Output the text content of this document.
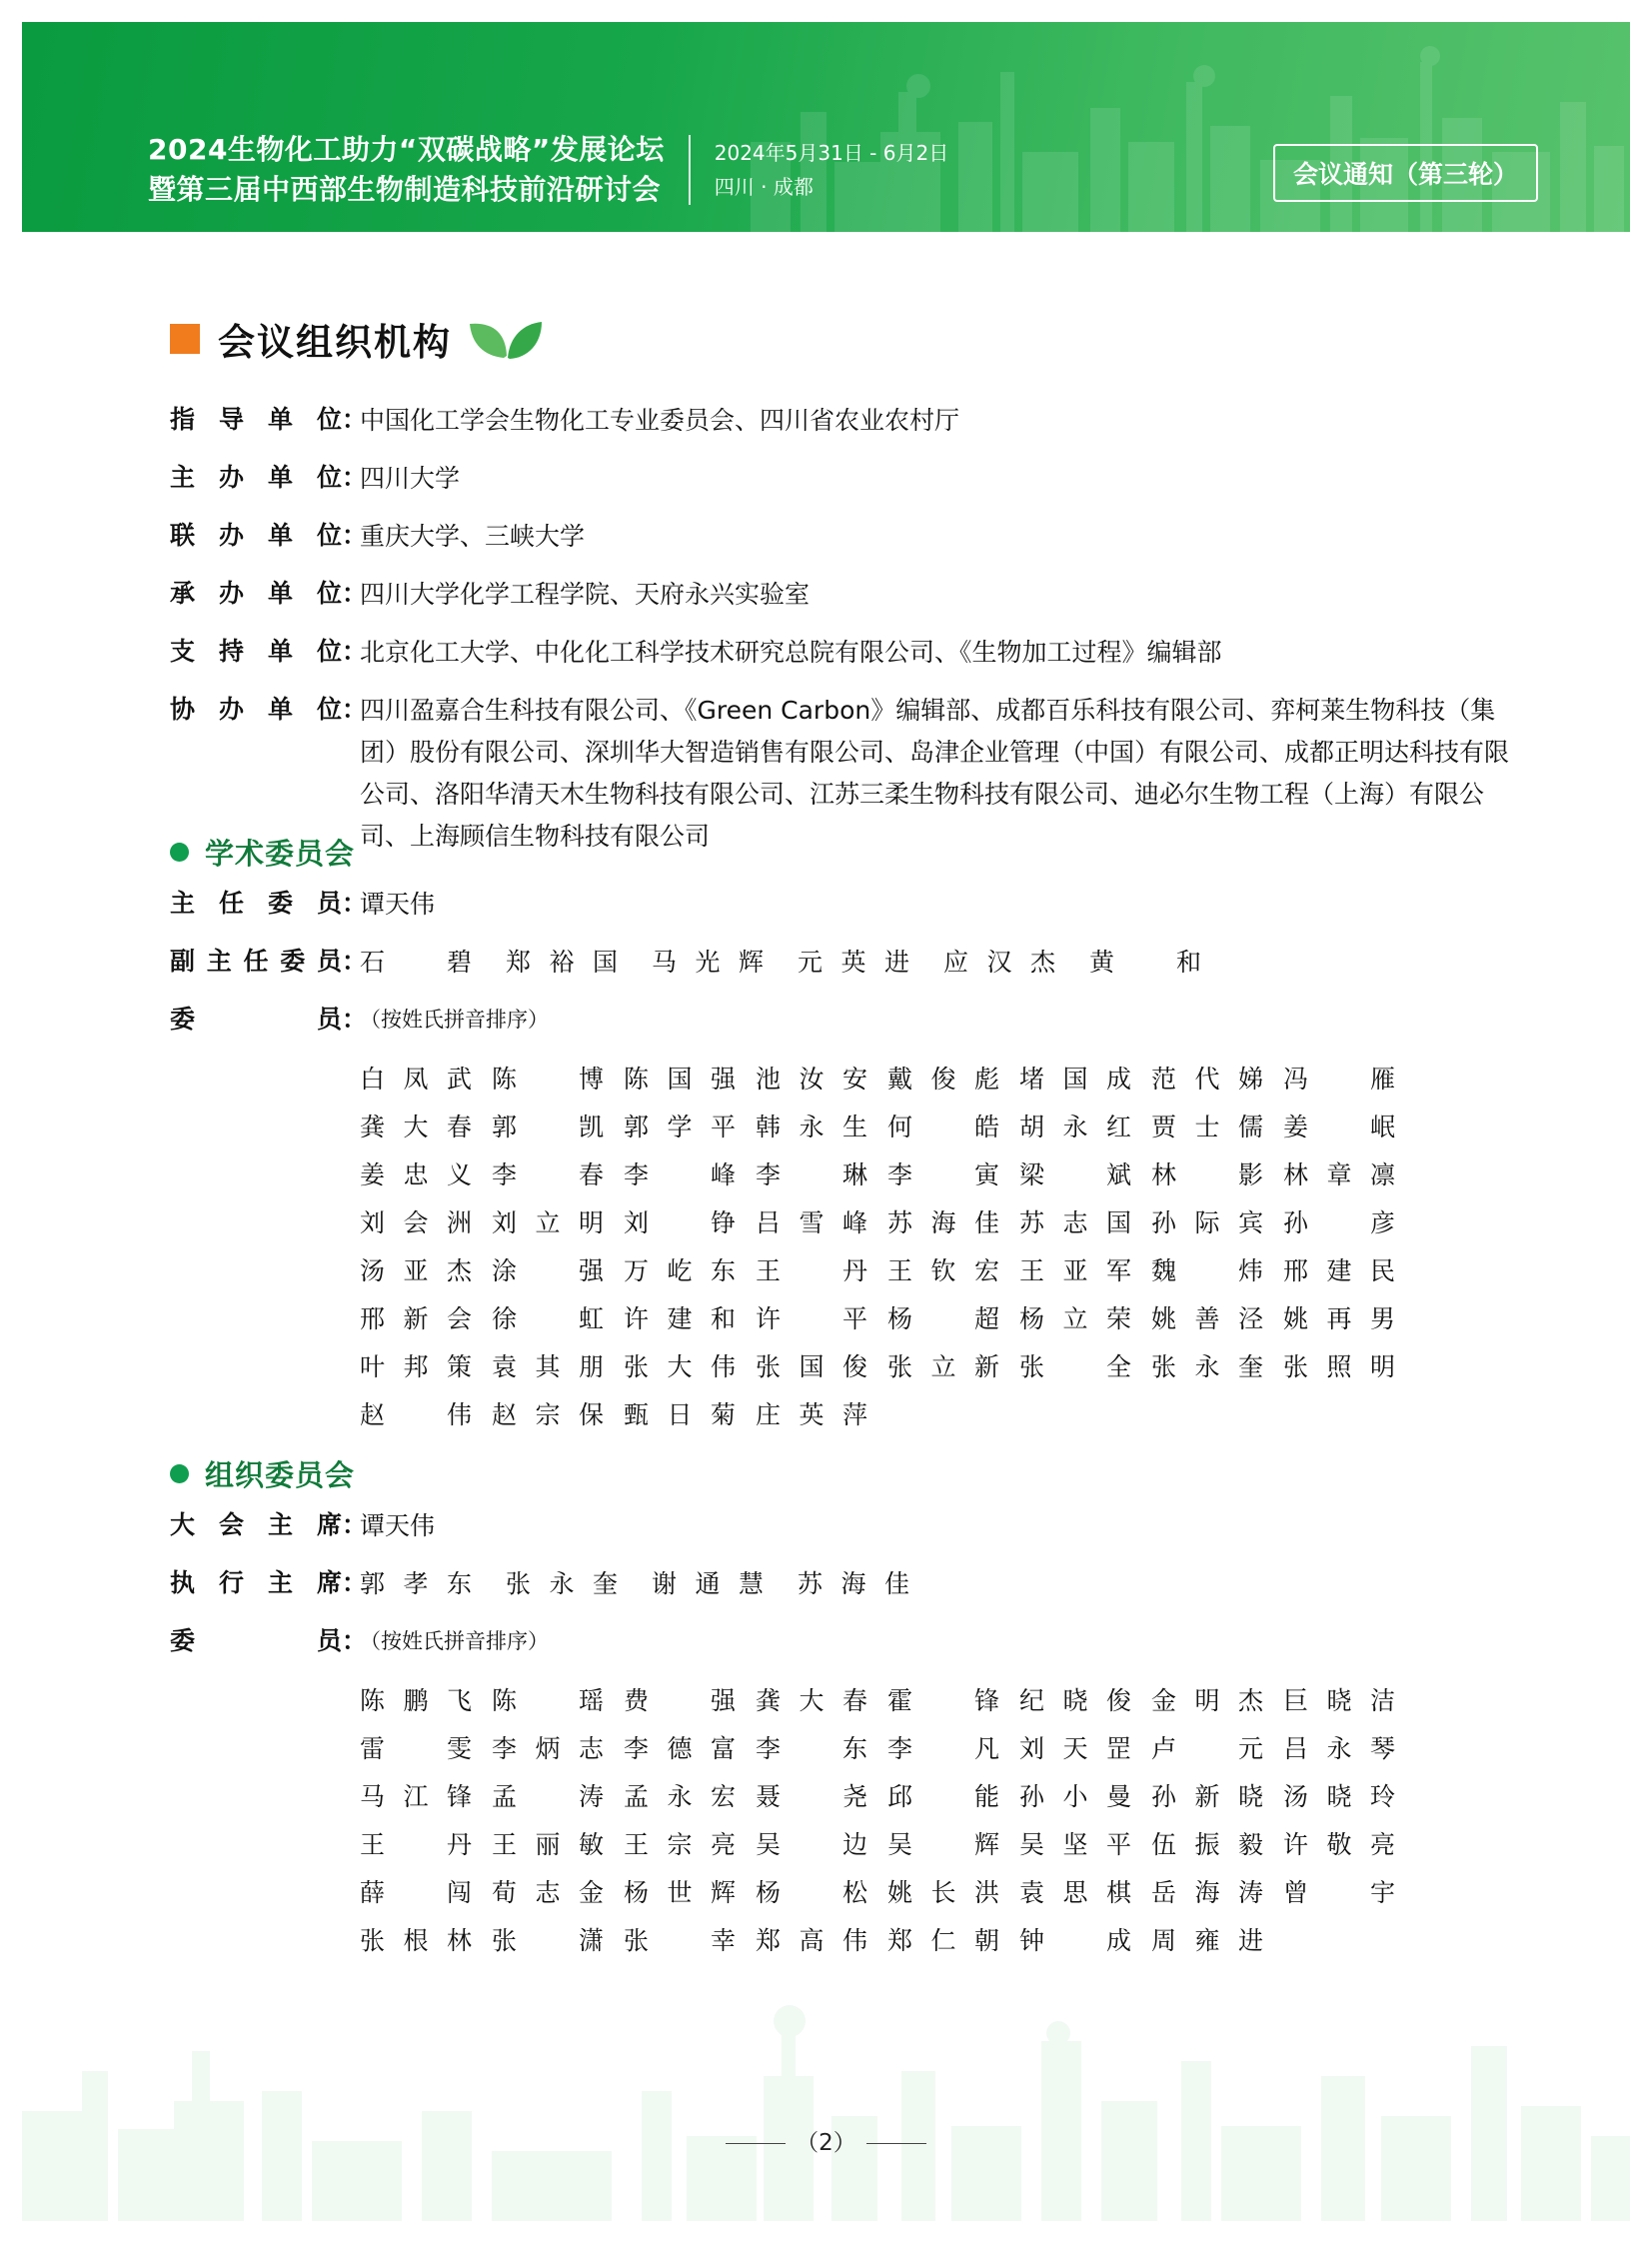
2024生物化工助力“双碳战略”发展论坛
暨第三届中西部生物制造科技前沿研讨会
2024年5月31日 - 6月2日
四川 · 成都	会议通知（第三轮）
会议组织机构
指导单位 ：
中国化工学会生物化工专业委员会、四川省农业农村厅
主办单位 ：
四川大学
联办单位 ：
重庆大学、三峡大学
承办单位 ：
四川大学化学工程学院、天府永兴实验室
支持单位 ：
北京化工大学、中化化工科学技术研究总院有限公司、《生物加工过程》编辑部
协办单位 ：
四川盈嘉合生科技有限公司、《Green Carbon》编辑部、成都百乐科技有限公司、弈柯莱生物科技（集团）股份有限公司、深圳华大智造销售有限公司、岛津企业管理（中国）有限公司、成都正明达科技有限公司、洛阳华清天木生物科技有限公司、江苏三柔生物科技有限公司、迪必尔生物工程（上海）有限公司、上海顾信生物科技有限公司
学术委员会
主任委员 ：
谭天伟
副主任委员 ：
石 碧 郑裕国 马光辉 元英进 应汉杰 黄 和
委员 ：
（按姓氏拼音排序）
白凤武 陈 博 陈国强 池汝安 戴俊彪 堵国成 范代娣 冯 雁
龚大春 郭 凯 郭学平 韩永生 何 皓 胡永红 贾士儒 姜 岷
姜忠义 李 春 李 峰 李 琳 李 寅 梁 斌 林 影 林章凛
刘会洲 刘立明 刘 铮 吕雪峰 苏海佳 苏志国 孙际宾 孙 彦
汤亚杰 涂 强 万屹东 王 丹 王钦宏 王亚军 魏 炜 邢建民
邢新会 徐 虹 许建和 许 平 杨 超 杨立荣 姚善泾 姚再男
叶邦策 袁其朋 张大伟 张国俊 张立新 张 全 张永奎 张照明
赵 伟 赵宗保 甄日菊 庄英萍
组织委员会
大会主席 ：
谭天伟
执行主席 ：
郭孝东 张永奎 谢通慧 苏海佳
委员 ：
（按姓氏拼音排序）
陈鹏飞 陈 瑶 费 强 龚大春 霍 锋 纪晓俊 金明杰 巨晓洁
雷 雯 李炳志 李德富 李 东 李 凡 刘天罡 卢 元 吕永琴
马江锋 孟 涛 孟永宏 聂 尧 邱 能 孙小曼 孙新晓 汤晓玲
王 丹 王丽敏 王宗亮 吴 边 吴 辉 吴坚平 伍振毅 许敬亮
薛 闯 荀志金 杨世辉 杨 松 姚长洪 袁思棋 岳海涛 曾 宇
张根林 张 潇 张 幸 郑高伟 郑仁朝 钟 成 周雍进
（2）
